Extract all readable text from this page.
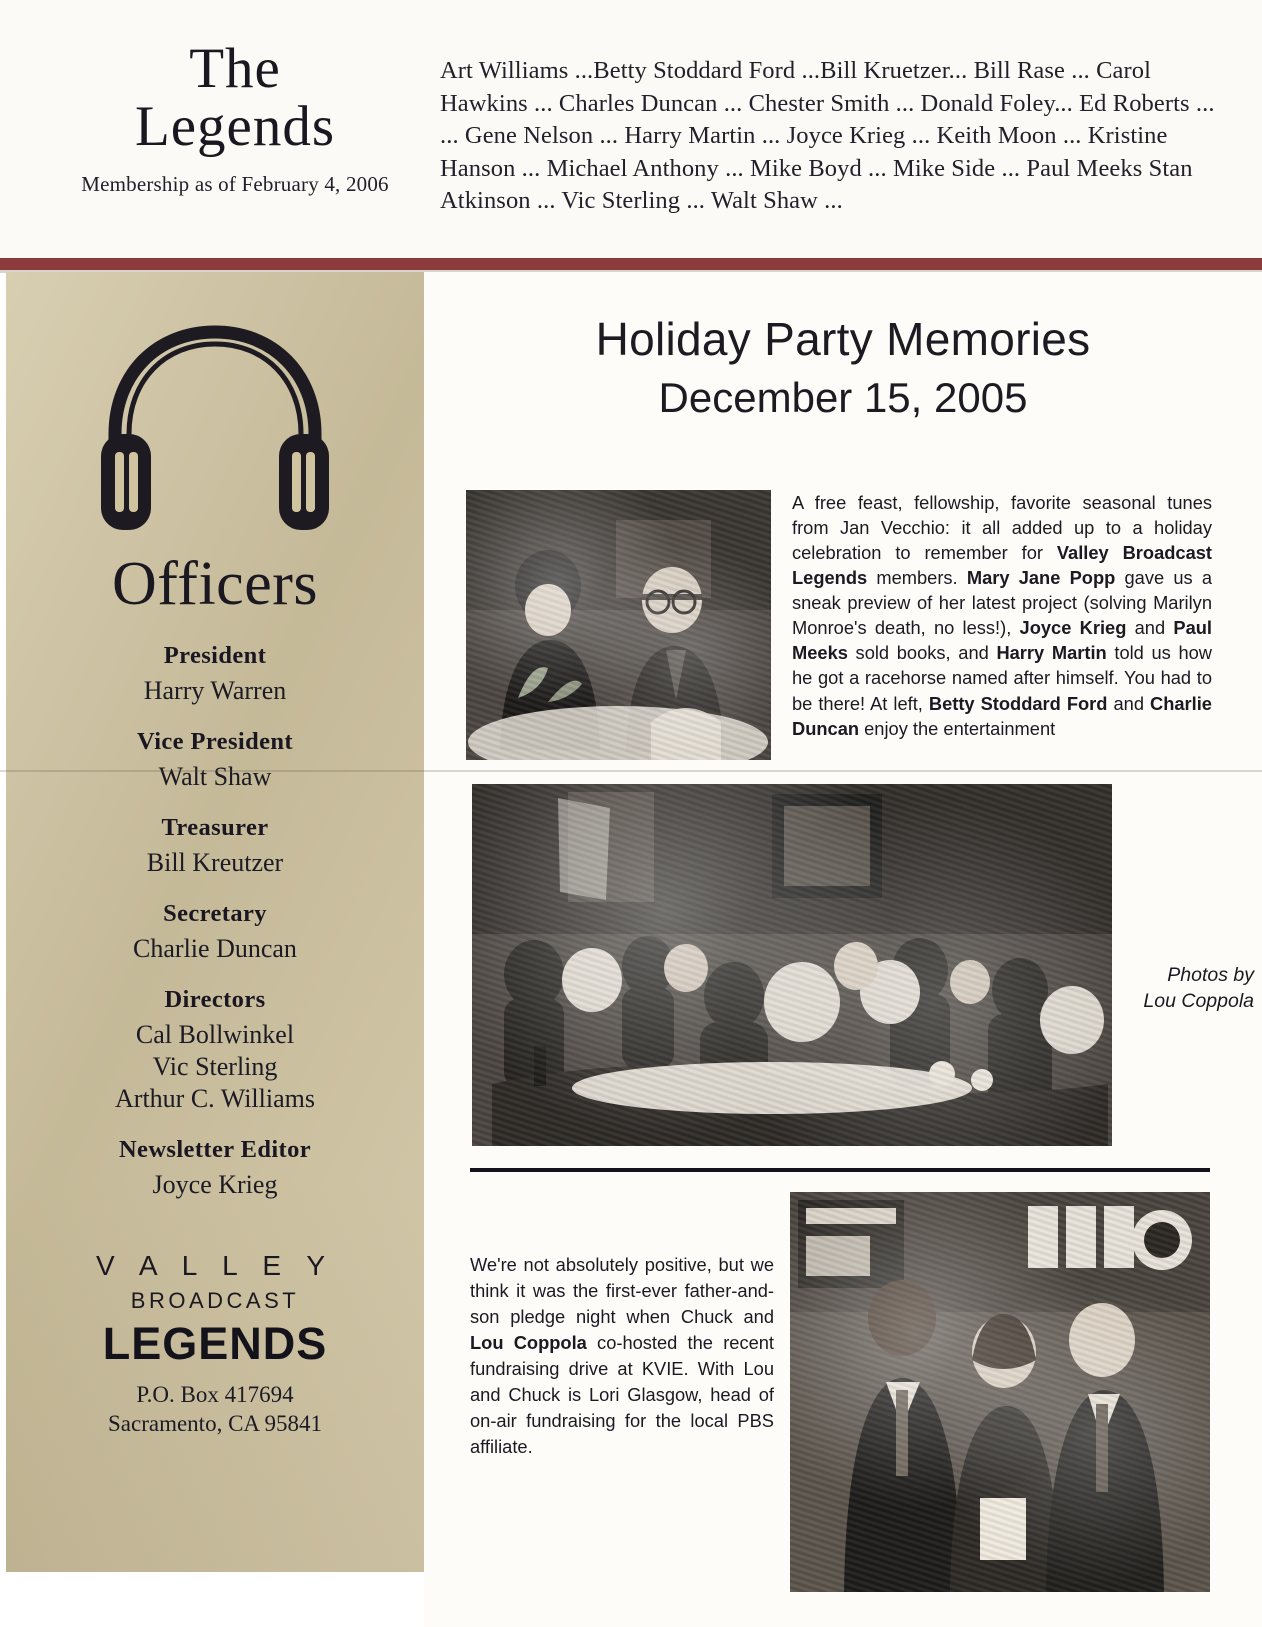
The
Legends
Membership as of February 4, 2006
Art Williams ...Betty Stoddard Ford ...Bill Kruetzer... Bill Rase ... Carol Hawkins ... Charles Duncan ... Chester Smith ... Donald Foley... Ed Roberts ... ... Gene Nelson ... Harry Martin ... Joyce Krieg ... Keith Moon ... Kristine Hanson ... Michael Anthony ... Mike Boyd ... Mike Side ... Paul Meeks Stan Atkinson ... Vic Sterling ... Walt Shaw ...
Officers
President
Harry Warren
Vice President
Walt Shaw
Treasurer
Bill Kreutzer
Secretary
Charlie Duncan
Directors
Cal Bollwinkel
Vic Sterling
Arthur C. Williams
Newsletter Editor
Joyce Krieg
V A L L E Y
BROADCAST
LEGENDS
P.O. Box 417694
Sacramento, CA 95841
Holiday Party Memories
December 15, 2005
A free feast, fellowship, favorite seasonal tunes from Jan Vecchio: it all added up to a holiday celebration to remember for Valley Broadcast Legends members. Mary Jane Popp gave us a sneak preview of her latest project (solving Marilyn Monroe's death, no less!), Joyce Krieg and Paul Meeks sold books, and Harry Martin told us how he got a racehorse named after himself. You had to be there! At left, Betty Stoddard Ford and Charlie Duncan enjoy the entertainment
Photos by
Lou Coppola
We're not absolutely positive, but we think it was the first-ever father-and-son pledge night when Chuck and Lou Coppola co-hosted the recent fundraising drive at KVIE. With Lou and Chuck is Lori Glasgow, head of on-air fundraising for the local PBS affiliate.
